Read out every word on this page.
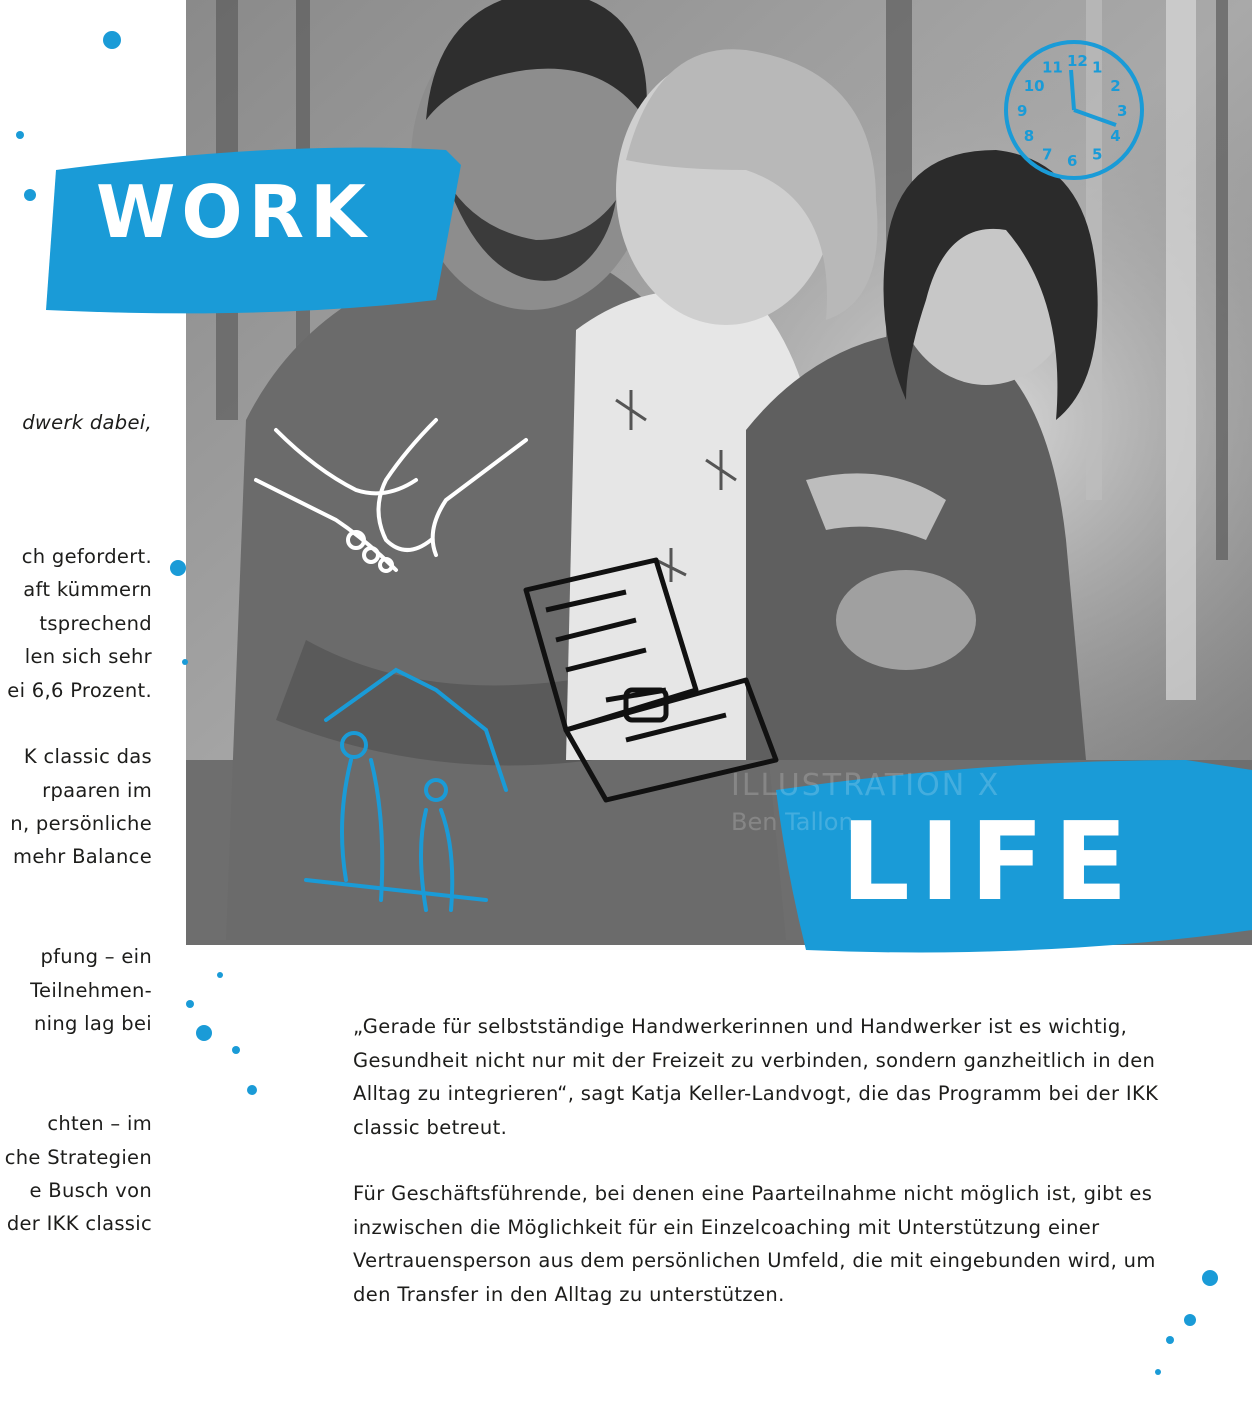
dwerk dabei,
ch gefordert.
aft kümmern
tsprechend
len sich sehr
ei 6,6 Prozent.
K classic das
rpaaren im
n, persönliche
mehr Balance
pfung – ein
Teilnehmen-
ning lag bei
chten – im
che Strategien
e Busch von
der IKK classic
12 1
2
3
4
5
6
7
8
9
10
11
ILLUSTRATION X
Ben Tallon
WORK
LIFE

„Gerade für selbstständige Handwerkerinnen und Handwerker ist es wichtig, Gesundheit nicht nur mit der Freizeit zu verbinden, sondern ganzheitlich in den Alltag zu integrieren“, sagt Katja Keller-Landvogt, die das Programm bei der IKK classic betreut.

Für Geschäftsführende, bei denen eine Paarteilnahme nicht möglich ist, gibt es inzwischen die Möglichkeit für ein Einzelcoaching mit Unterstützung einer Vertrauensperson aus dem persönlichen Umfeld, die mit eingebunden wird, um den Transfer in den Alltag zu unterstützen.
